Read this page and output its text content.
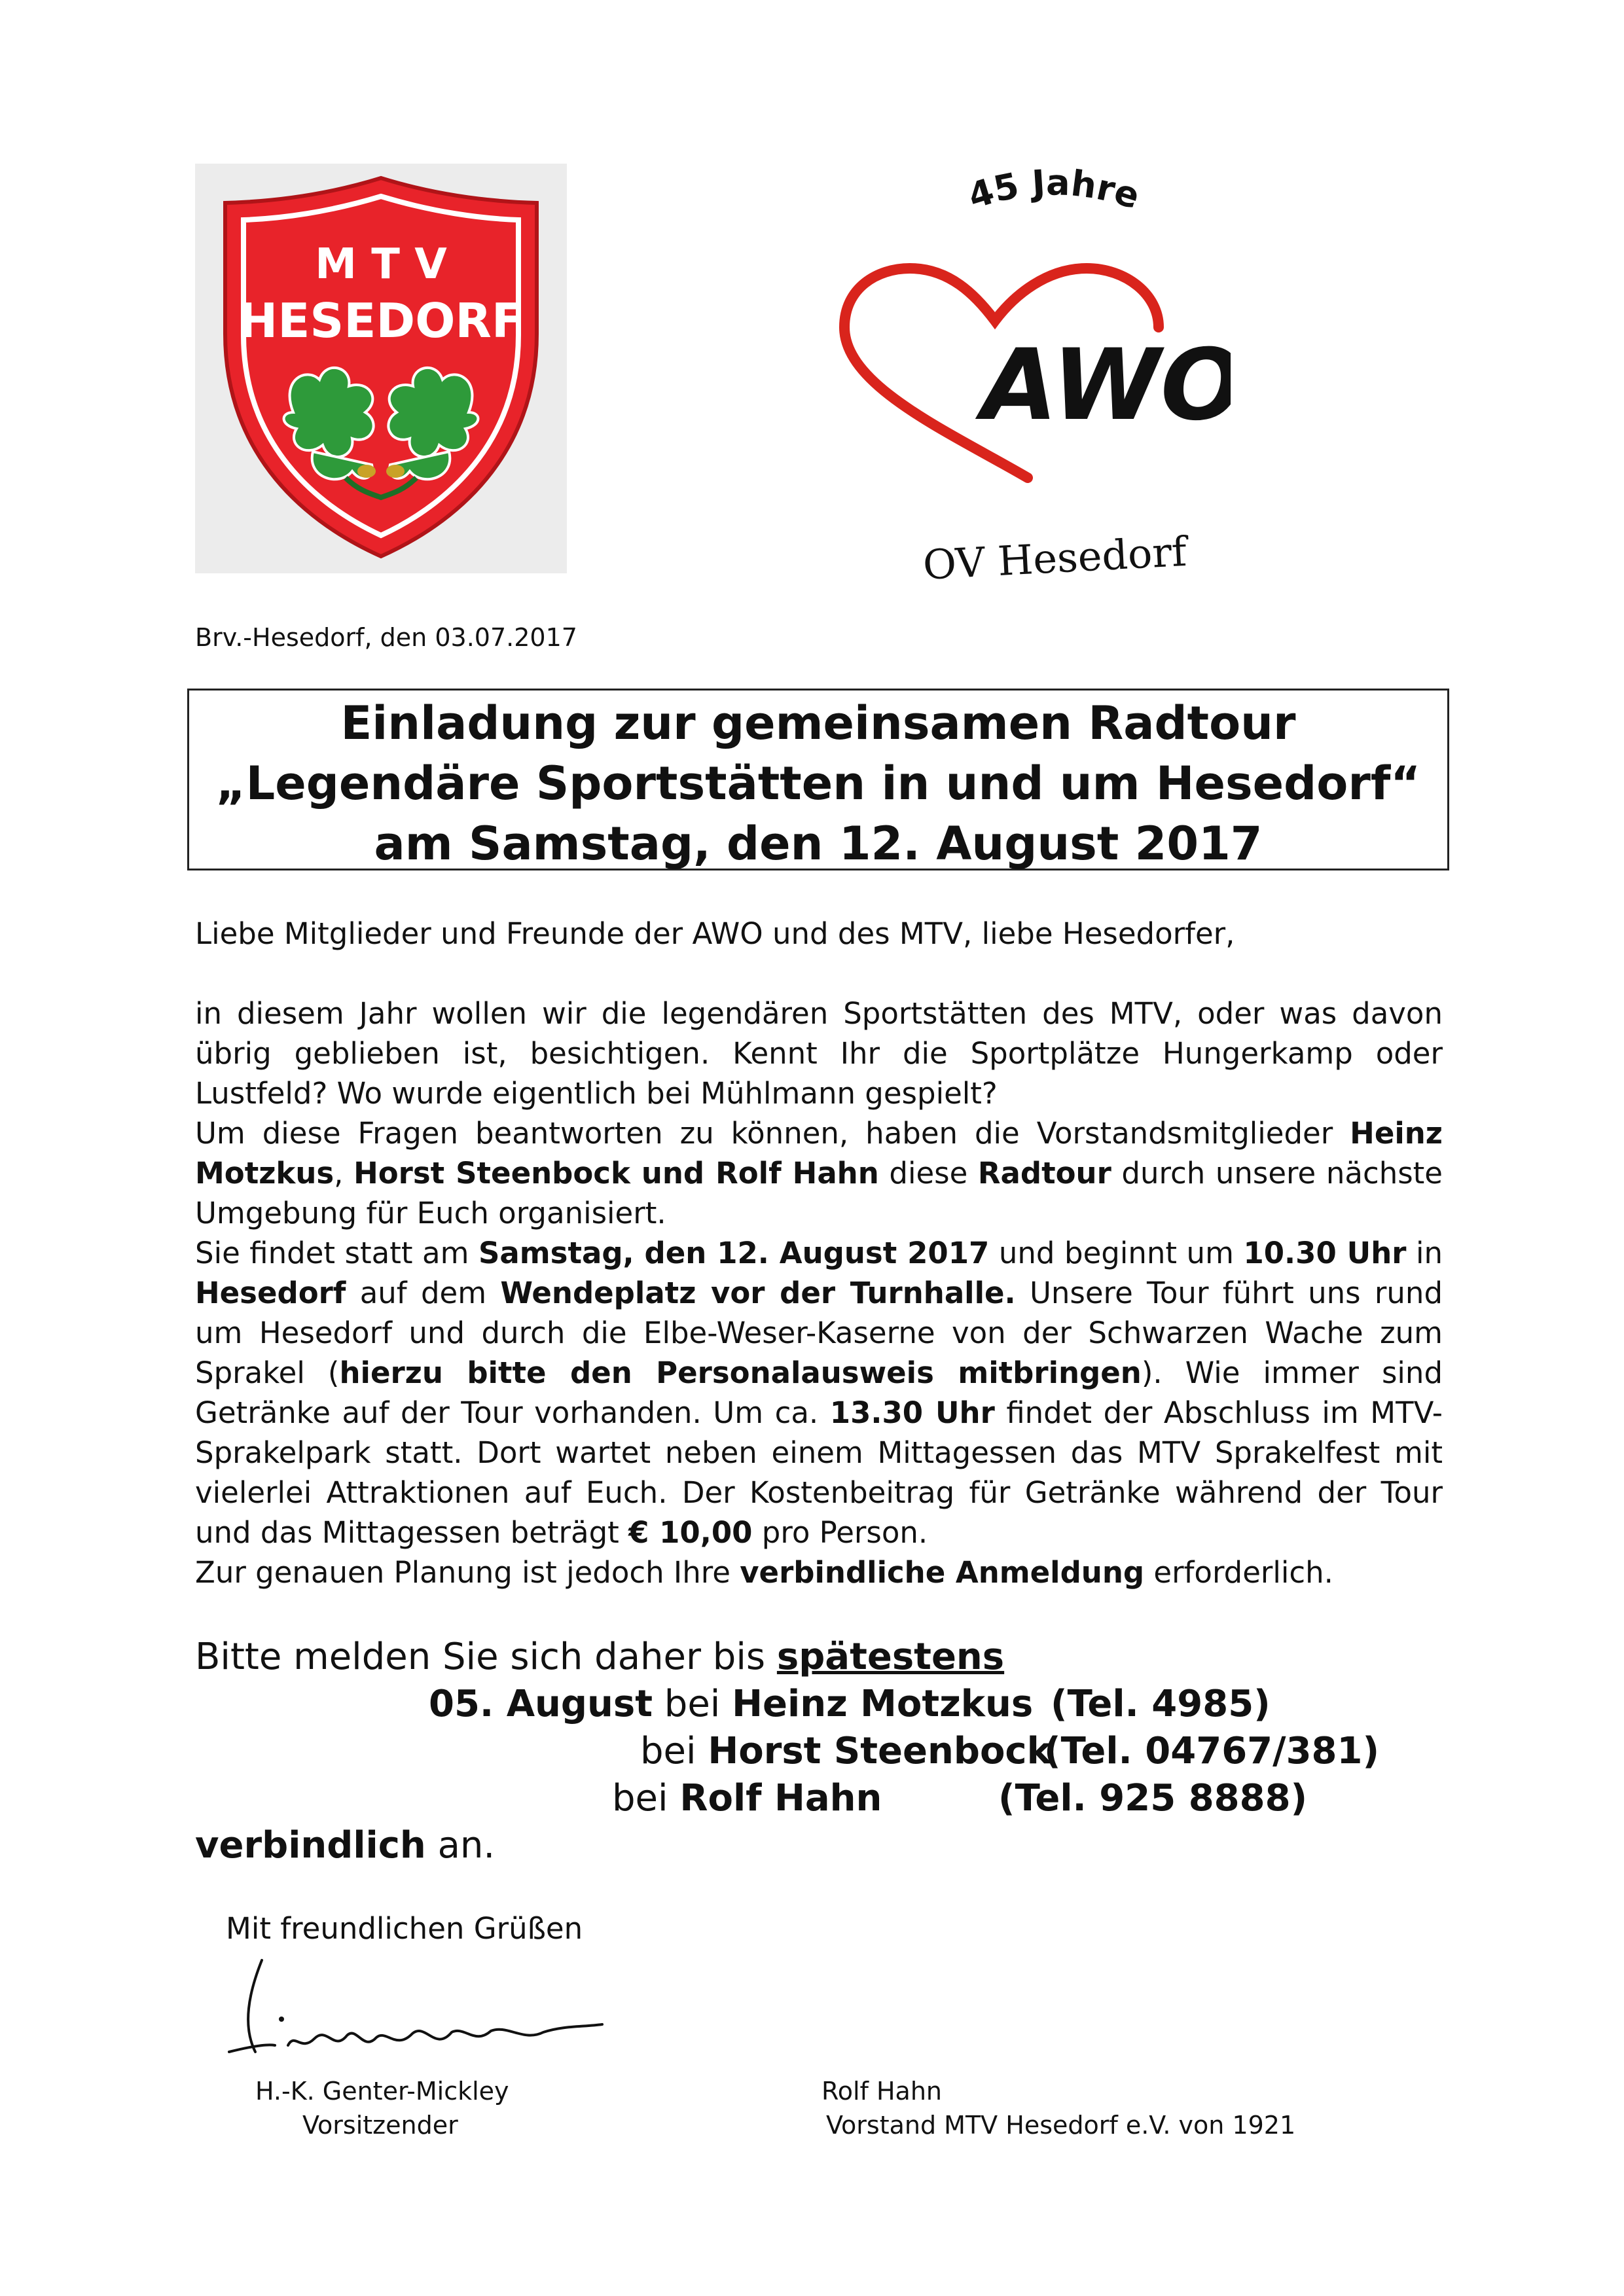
M T V
HESEDORF
45 Jahre
AWO
OV Hesedorf
Brv.-Hesedorf, den 03.07.2017
Einladung zur gemeinsamen Radtour
„Legendäre Sportstätten in und um Hesedorf“
am Samstag, den 12. August 2017
Liebe Mitglieder und Freunde der AWO und des MTV, liebe Hesedorfer,
in diesem Jahr wollen wir die legendären Sportstätten des MTV, oder was davon übrig geblieben ist, besichtigen. Kennt Ihr die Sportplätze Hungerkamp oder Lustfeld? Wo wurde eigentlich bei Mühlmann gespielt?
Um diese Fragen beantworten zu können, haben die Vorstandsmitglieder Heinz Motzkus, Horst Steenbock und Rolf Hahn diese Radtour durch unsere nächste Umgebung für Euch organisiert.
Sie findet statt am Samstag, den 12. August 2017 und beginnt um 10.30 Uhr in Hesedorf auf dem Wendeplatz vor der Turnhalle. Unsere Tour führt uns rund um Hesedorf und durch die Elbe-Weser-Kaserne von der Schwarzen Wache zum Sprakel (hierzu bitte den Personalausweis mitbringen). Wie immer sind Getränke auf der Tour vorhanden. Um ca. 13.30 Uhr findet der Abschluss im MTV-Sprakelpark statt. Dort wartet neben einem Mittagessen das MTV Sprakelfest mit vielerlei Attraktionen auf Euch. Der Kostenbeitrag für Getränke während der Tour und das Mittagessen beträgt € 10,00 pro Person.
Zur genauen Planung ist jedoch Ihre verbindliche Anmeldung erforderlich.
Bitte melden Sie sich daher bis spätestens
05. August bei Heinz Motzkus (Tel. 4985)
bei Horst Steenbock
(Tel. 04767/381)
bei Rolf Hahn	(Tel. 925 8888)
verbindlich an.
Mit freundlichen Grüßen
H.-K. Genter-Mickley
Vorsitzender
Rolf Hahn
Vorstand MTV Hesedorf e.V. von 1921
